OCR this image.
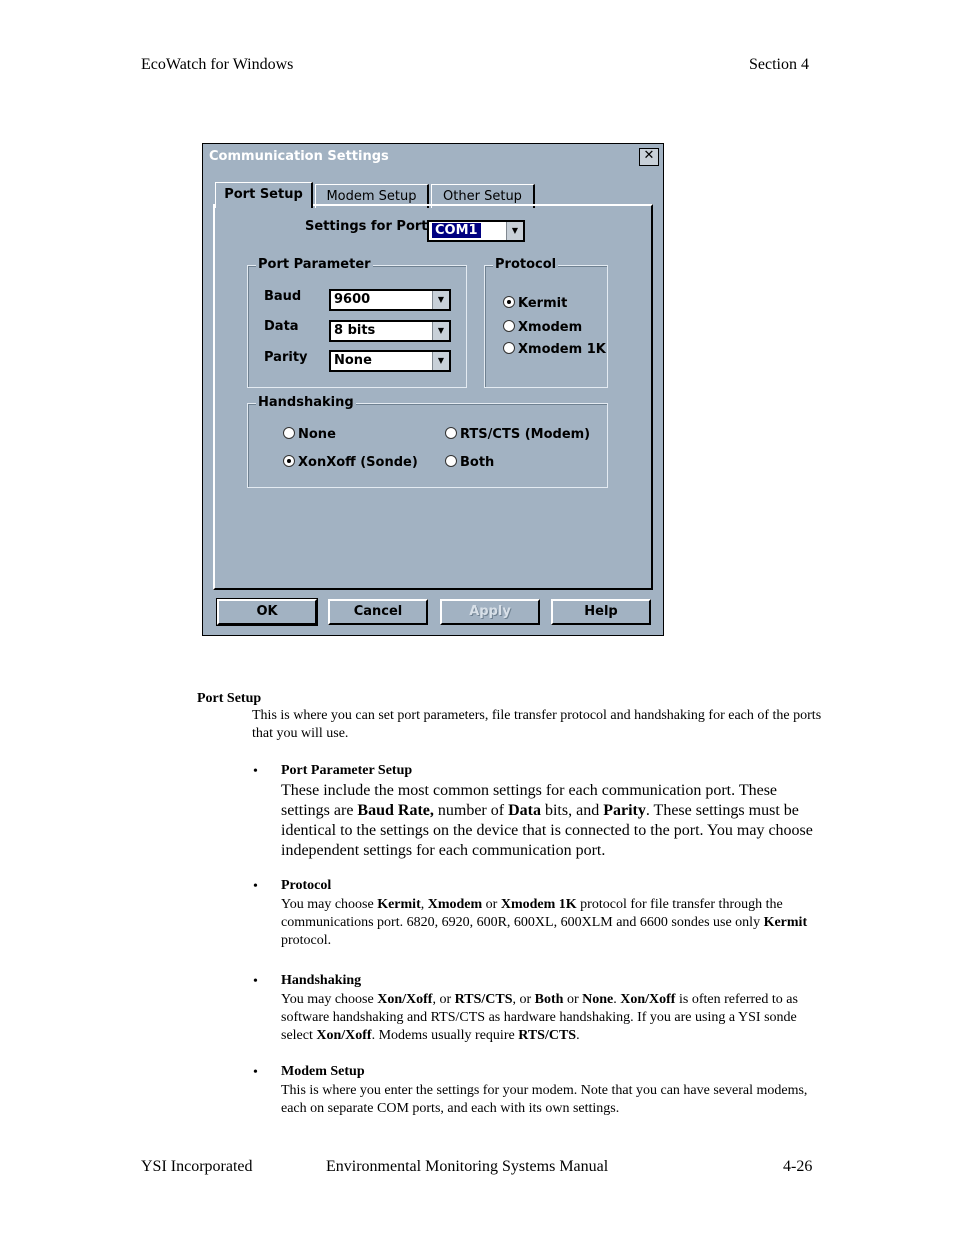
EcoWatch for Windows	Section 4
Communication Settings	✕
Port Setup	Modem Setup	Other Setup
Settings for Port COM1	▼
Port Parameter
Baud	9600	▼
Data	8 bits	▼
Parity None	▼
Protocol
Kermit
Xmodem
Xmodem 1K
Handshaking
None	RTS/CTS (Modem)
XonXoff (Sonde)	Both
OK	Cancel	Apply	Help
Port Setup
This is where you can set port parameters, file transfer protocol and handshaking for each of the ports that you will use.
• Port Parameter Setup
These include the most common settings for each communication port. These settings are Baud Rate, number of Data bits, and Parity. These settings must be identical to the settings on the device that is connected to the port. You may choose independent settings for each communication port.
• Protocol
You may choose Kermit, Xmodem or Xmodem 1K protocol for file transfer through the communications port. 6820, 6920, 600R, 600XL, 600XLM and 6600 sondes use only Kermit protocol.
• Handshaking
You may choose Xon/Xoff, or RTS/CTS, or Both or None. Xon/Xoff is often referred to as software handshaking and RTS/CTS as hardware handshaking. If you are using a YSI sonde select Xon/Xoff. Modems usually require RTS/CTS.
• Modem Setup
This is where you enter the settings for your modem. Note that you can have several modems, each on separate COM ports, and each with its own settings.
YSI Incorporated	Environmental Monitoring Systems Manual	4-26
